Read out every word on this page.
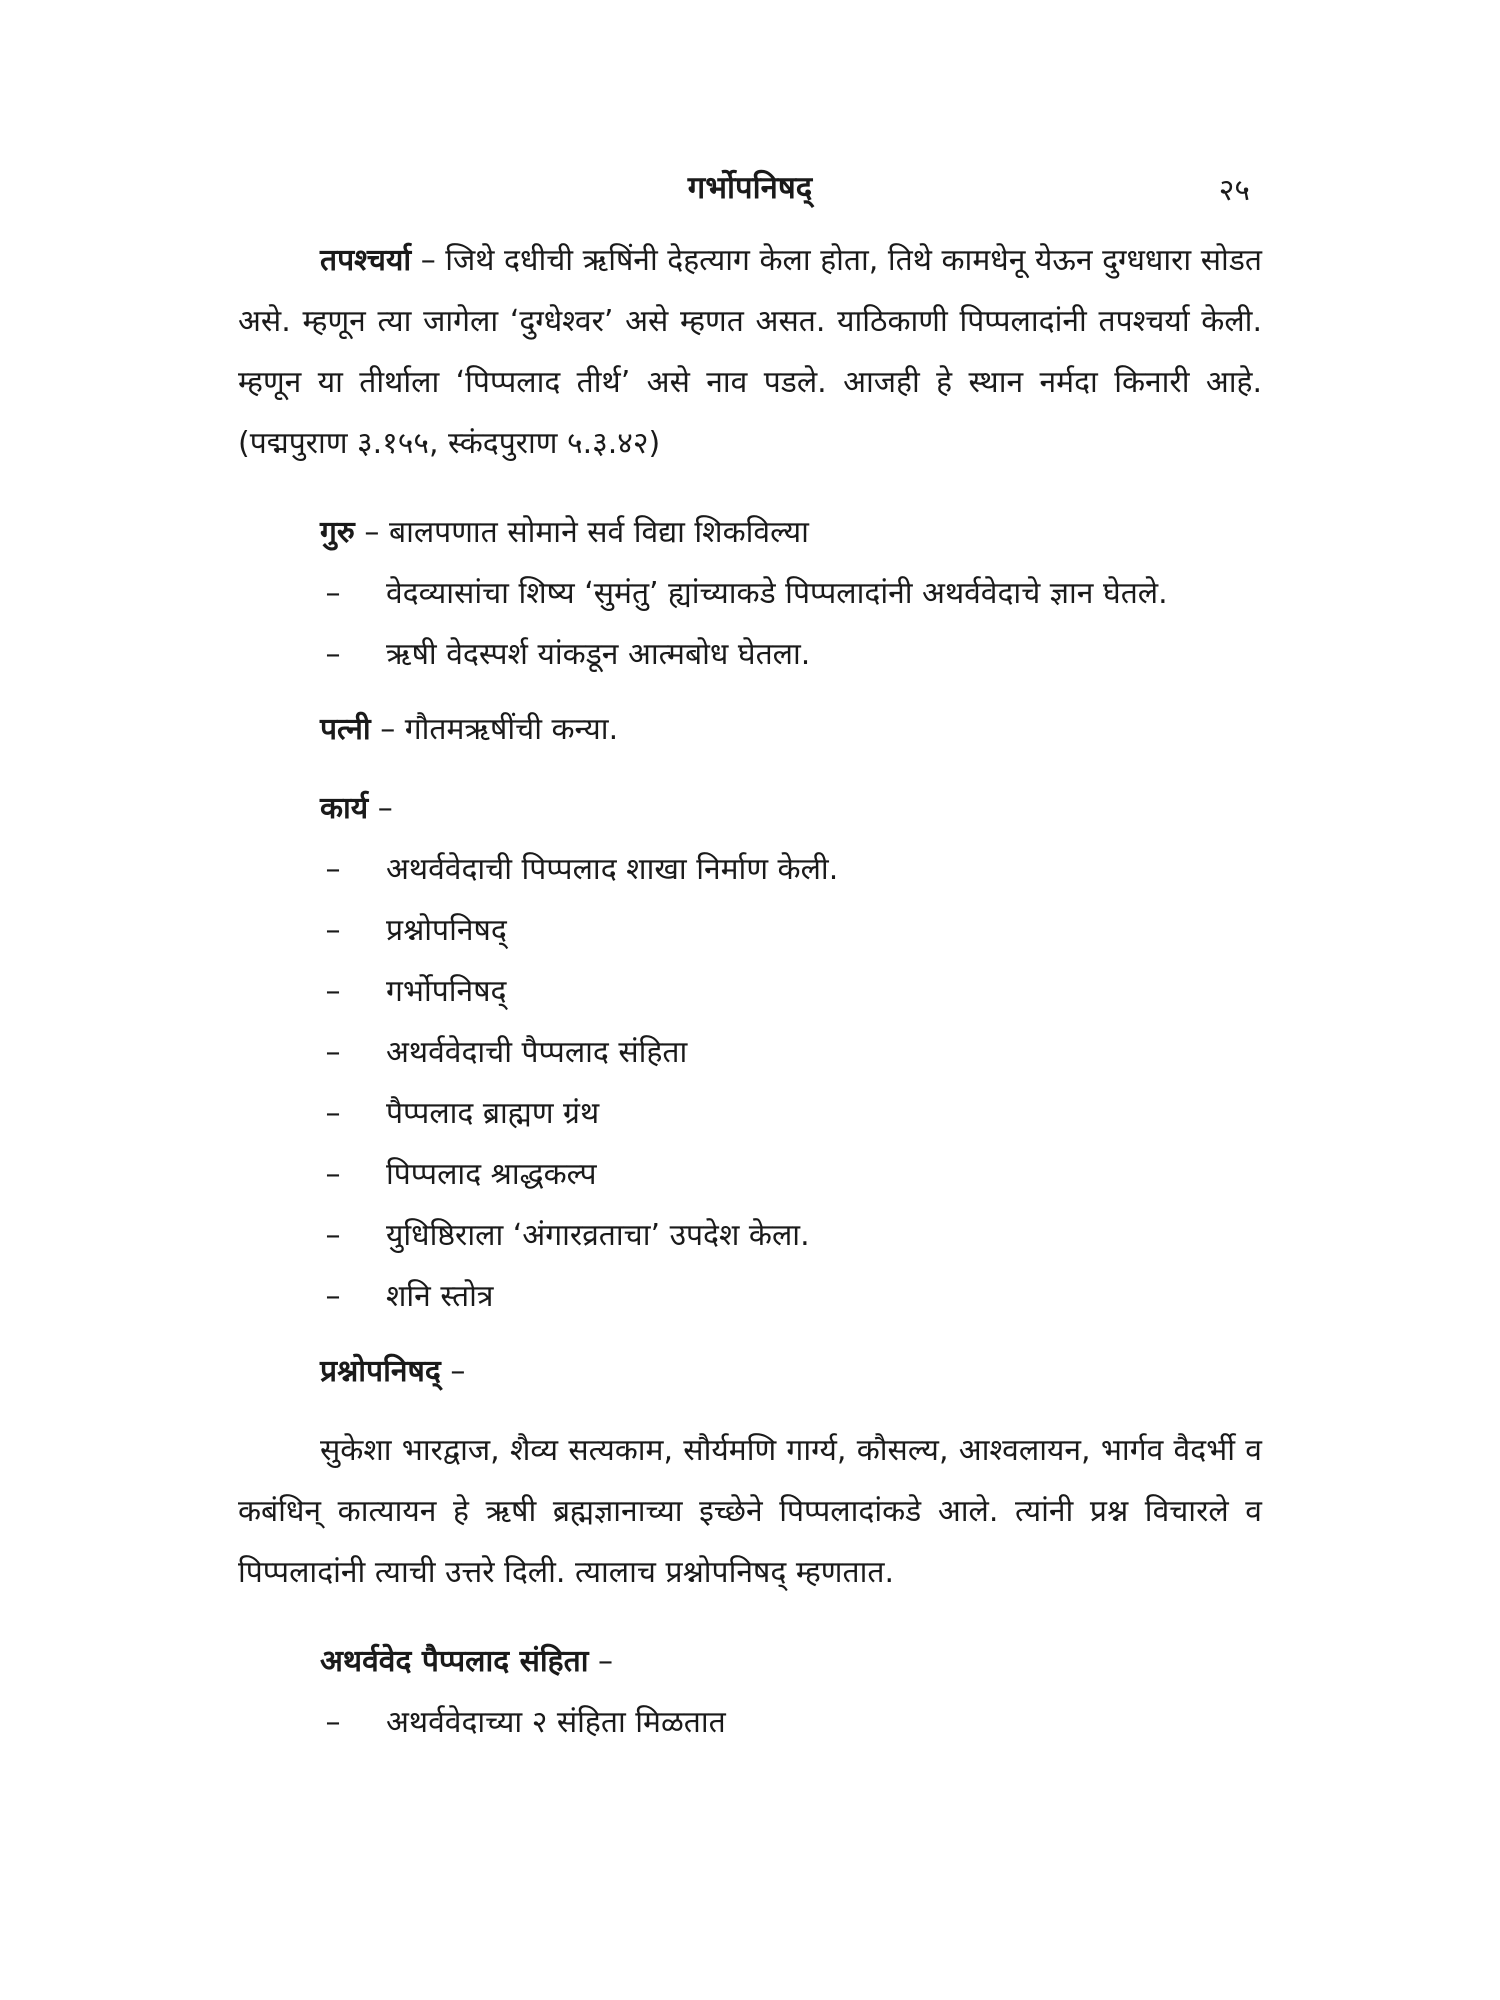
गर्भोपनिषद्	२५

तपश्चर्या – जिथे दधीची ऋषिंनी देहत्याग केला होता, तिथे कामधेनू येऊन दुग्धधारा सोडत असे. म्हणून त्या जागेला ‘दुग्धेश्वर’ असे म्हणत असत. याठिकाणी पिप्पलादांनी तपश्चर्या केली. म्हणून या तीर्थाला ‘पिप्पलाद तीर्थ’ असे नाव पडले. आजही हे स्थान नर्मदा किनारी आहे. (पद्मपुराण ३.१५५, स्कंदपुराण ५.३.४२)

गुरु – बालपणात सोमाने सर्व विद्या शिकविल्या

– वेदव्यासांचा शिष्य ‘सुमंतु’ ह्यांच्याकडे पिप्पलादांनी अथर्ववेदाचे ज्ञान घेतले.
– ऋषी वेदस्पर्श यांकडून आत्मबोध घेतला.

पत्नी – गौतमऋषींची कन्या.

कार्य –

– अथर्ववेदाची पिप्पलाद शाखा निर्माण केली.
– प्रश्नोपनिषद्
– गर्भोपनिषद्
– अथर्ववेदाची पैप्पलाद संहिता
– पैप्पलाद ब्राह्मण ग्रंथ
– पिप्पलाद श्राद्धकल्प
– युधिष्ठिराला ‘अंगारव्रताचा’ उपदेश केला.
– शनि स्तोत्र

प्रश्नोपनिषद् –

सुकेशा भारद्वाज, शैव्य सत्यकाम, सौर्यमणि गार्ग्य, कौसल्य, आश्वलायन, भार्गव वैदर्भी व कबंधिन् कात्यायन हे ऋषी ब्रह्मज्ञानाच्या इच्छेने पिप्पलादांकडे आले. त्यांनी प्रश्न विचारले व पिप्पलादांनी त्याची उत्तरे दिली. त्यालाच प्रश्नोपनिषद् म्हणतात.

अथर्ववेद पैप्पलाद संहिता –

– अथर्ववेदाच्या २ संहिता मिळतात
